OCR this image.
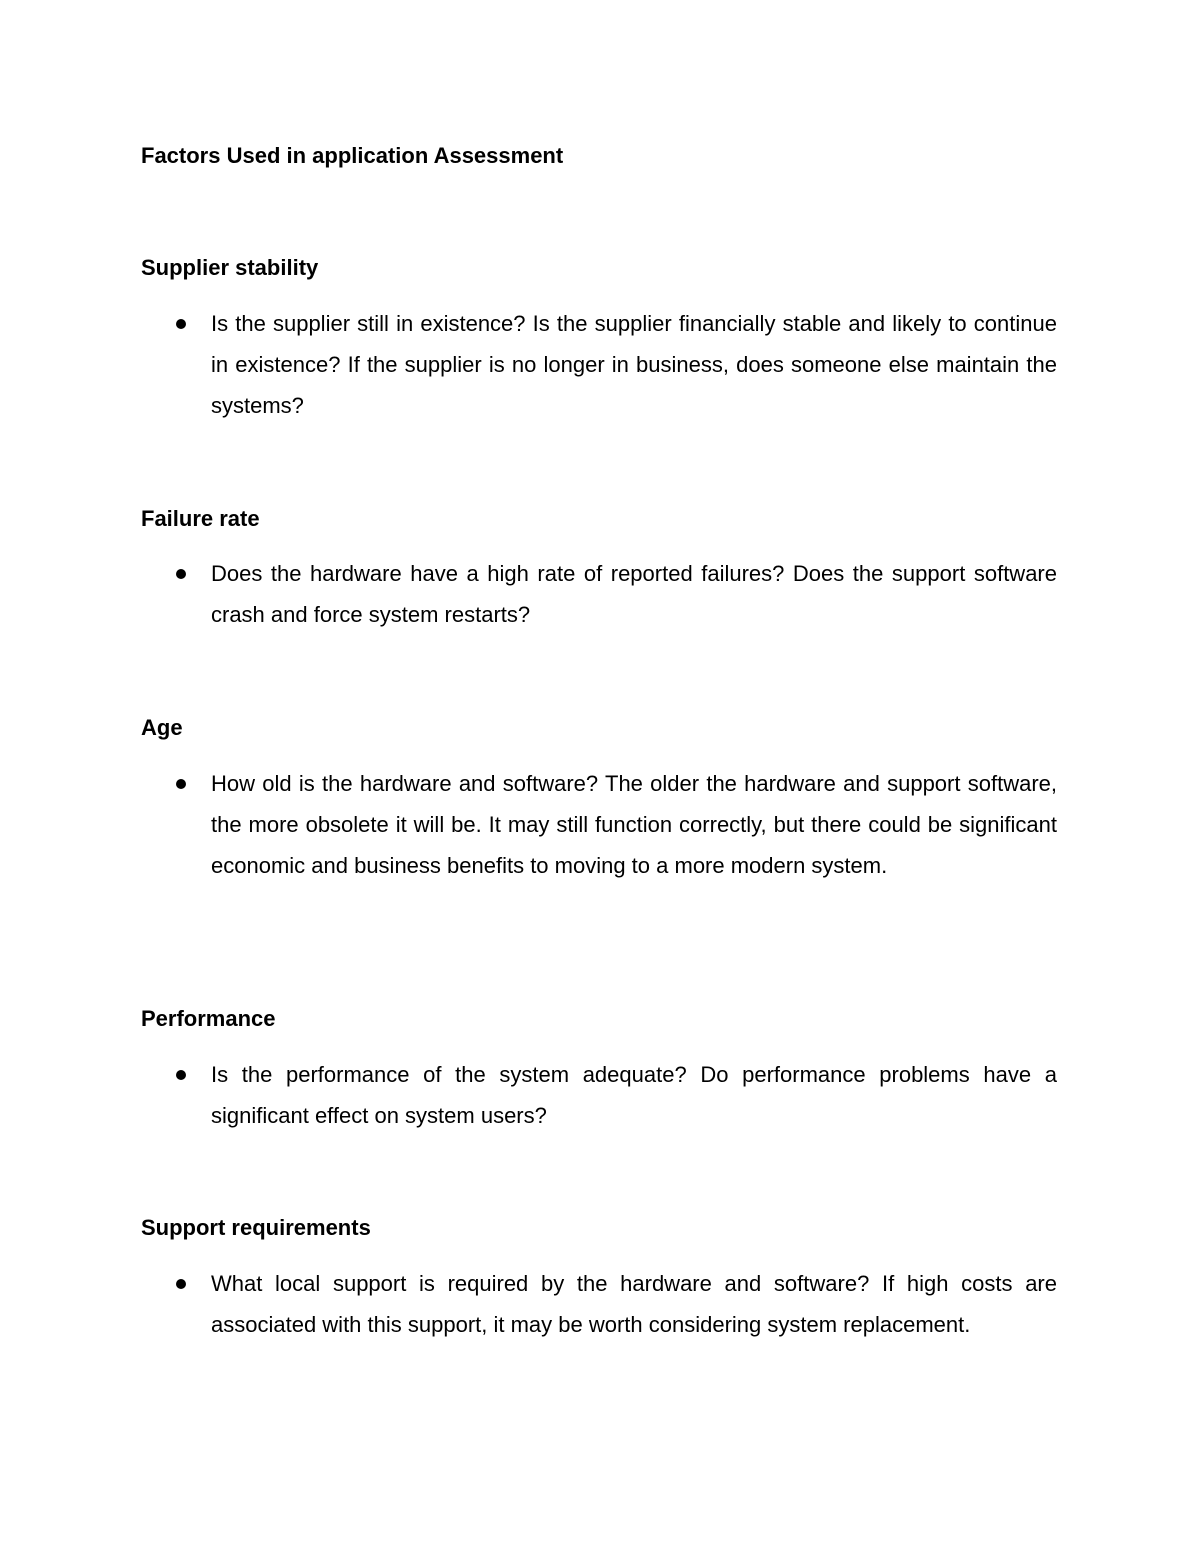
Factors Used in application Assessment
Supplier stability

Is the supplier still in existence? Is the supplier financially stable and likely to continue in existence? If the supplier is no longer in business, does someone else maintain the systems?

Failure rate

Does the hardware have a high rate of reported failures? Does the support software crash and force system restarts?

Age

How old is the hardware and software? The older the hardware and support software, the more obsolete it will be. It may still function correctly, but there could be significant economic and business benefits to moving to a more modern system.

Performance

Is the performance of the system adequate? Do performance problems have a significant effect on system users?

Support requirements

What local support is required by the hardware and software? If high costs are associated with this support, it may be worth considering system replacement.
